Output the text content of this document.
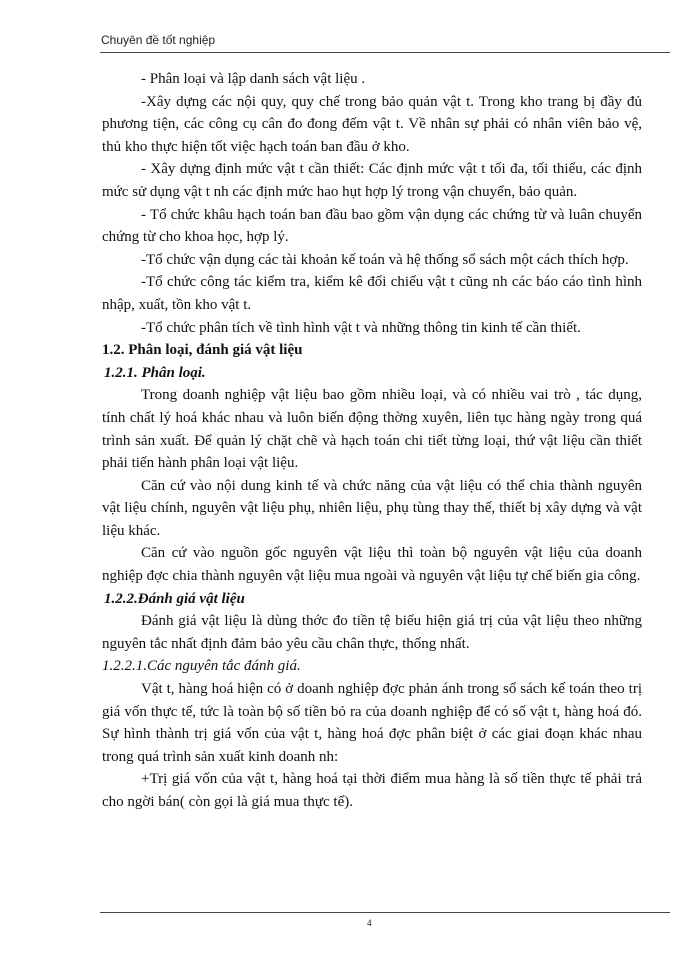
Chuyên đề tốt nghiệp

- Phân loại và lập danh sách vật liệu .

-Xây dựng các nội quy, quy chế trong bảo quản vật t. Trong kho trang bị đầy đủ phương tiện, các công cụ cân đo đong đếm vật t. Về nhân sự phải có nhân viên bảo vệ, thủ kho thực hiện tốt việc hạch toán ban đầu ở kho.

- Xây dựng định mức vật t cần thiết: Các định mức vật t tối đa, tối thiểu, các định mức sử dụng vật t nh các định mức hao hụt hợp lý trong vận chuyển, bảo quản.

- Tổ chức khâu hạch toán ban đầu bao gồm vận dụng các chứng từ và luân chuyển chứng từ cho khoa học, hợp lý.

-Tổ chức vận dụng các tài khoản kế toán và hệ thống sổ sách một cách thích hợp.

-Tổ chức công tác kiểm tra, kiểm kê đối chiếu vật t cũng nh các báo cáo tình hình nhập, xuất, tồn kho vật t.

-Tổ chức phân tích về tình hình vật t và những thông tin kinh tế cần thiết.

1.2. Phân loại, đánh giá vật liệu

1.2.1. Phân loại.

Trong doanh nghiệp vật liệu bao gồm nhiều loại, và có nhiều vai trò , tác dụng, tính chất lý hoá khác nhau và luôn biến động thờng xuyên, liên tục hàng ngày trong quá trình sản xuất. Để quản lý chặt chẽ và hạch toán chi tiết từng loại, thứ vật liệu cần thiết phải tiến hành phân loại vật liệu.

Căn cứ vào nội dung kinh tế và chức năng của vật liệu có thể chia thành nguyên vật liệu chính, nguyên vật liệu phụ, nhiên liệu, phụ tùng thay thế, thiết bị xây dựng và vật liệu khác.

Căn cứ vào nguồn gốc nguyên vật liệu thì toàn bộ nguyên vật liệu của doanh nghiệp đợc chia thành nguyên vật liệu mua ngoài và nguyên vật liệu tự chế biến gia công.

1.2.2.Đánh giá vật liệu

Đánh giá vật liệu là dùng thớc đo tiền tệ biểu hiện giá trị của vật liệu theo những nguyên tắc nhất định đảm bảo yêu cầu chân thực, thống nhất.

1.2.2.1.Các nguyên tắc đánh giá.

Vật t, hàng hoá hiện có ở doanh nghiệp đợc phản ánh trong sổ sách kế toán theo trị giá vốn thực tế, tức là toàn bộ số tiền bỏ ra của doanh nghiệp để có số vật t, hàng hoá đó. Sự hình thành trị giá vốn của vật t, hàng hoá đợc phân biệt ở các giai đoạn khác nhau trong quá trình sản xuất kinh doanh nh:

+Trị giá vốn của vật t, hàng hoá tại thời điểm mua hàng là số tiền thực tế phải trả cho ngời bán( còn gọi là giá mua thực tế).

4
